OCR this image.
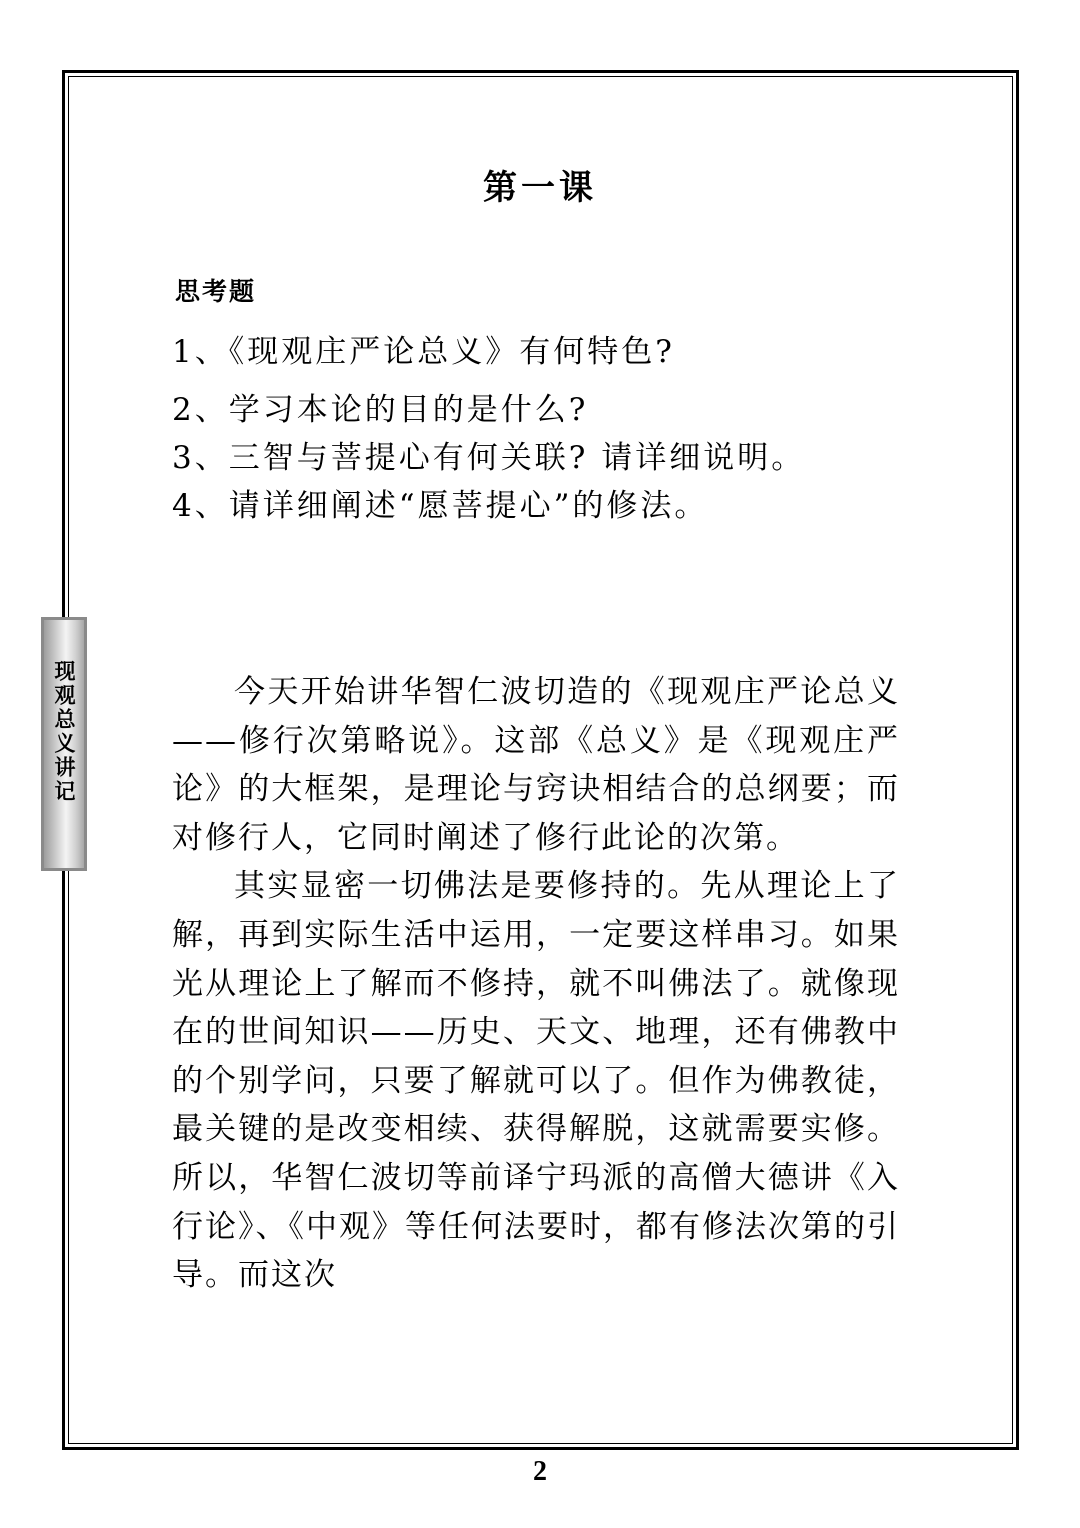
第一课
思考题
1、《现观庄严论总义》有何特色?
2、学习本论的目的是什么?
3、三智与菩提心有何关联? 请详细说明。
4、请详细阐述“愿菩提心”的修法。
现观总义讲记	今天开始讲华智仁波切造的《现观庄严论总义——修行次第略说》。这部《总义》是《现观庄严论》的大框架，是理论与窍诀相结合的总纲要；而对修行人，它同时阐述了修行此论的次第。

其实显密一切佛法是要修持的。先从理论上了解，再到实际生活中运用，一定要这样串习。如果光从理论上了解而不修持，就不叫佛法了。就像现在的世间知识——历史、天文、地理，还有佛教中的个别学问，只要了解就可以了。但作为佛教徒，最关键的是改变相续、获得解脱，这就需要实修。所以，华智仁波切等前译宁玛派的高僧大德讲《入行论》、《中观》等任何法要时，都有修法次第的引导。而这次

2
